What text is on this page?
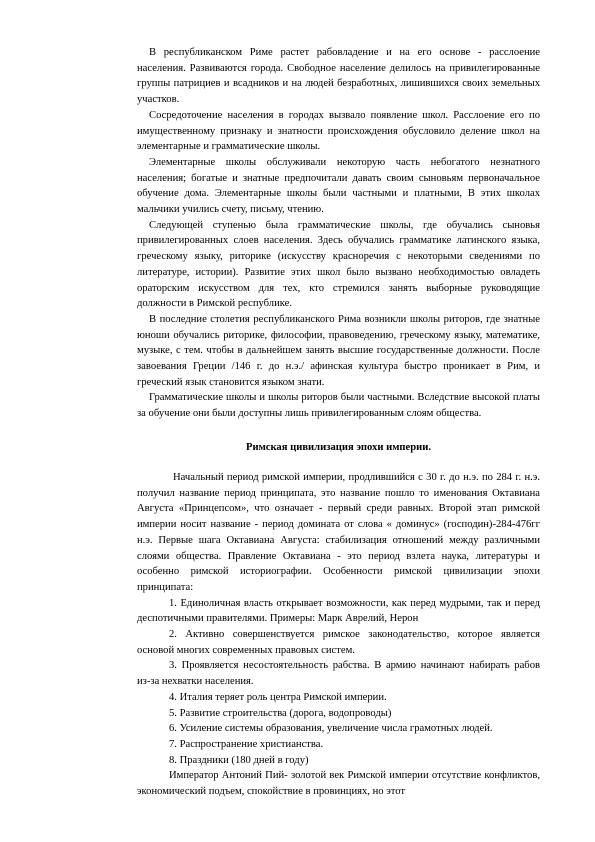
В республиканском Риме растет рабовладение и на его основе - расслоение населения. Развиваются города. Свободное население делилось на привилегированные группы патрициев и всадников и на людей безработных, лишившихся своих земельных участков.

Сосредоточение населения в городах вызвало появление школ. Расслоение его по имущественному признаку и знатности происхождения обусловило деление школ на элементарные и грамматические школы.

Элементарные школы обслуживали некоторую часть небогатого незнатного населения; богатые и знатные предпочитали давать своим сыновьям первоначальное обучение дома. Элементарные школы были частными и платными, В этих школах мальчики учились счету, письму, чтению.

Следующей ступенью была грамматические школы, где обучались сыновья привилегированных слоев населения. Здесь обучались грамматике латинского языка, греческому языку, риторике (искусству красноречия с некоторыми сведениями по литературе, истории). Развитие этих школ было вызвано необходимостью овладеть ораторским искусством для тех, кто стремился занять выборные руководящие должности в Римской республике.

В последние столетия республиканского Рима возникли школы риторов, где знатные юноши обучались риторике, философии, правоведению, греческому языку, математике, музыке, с тем. чтобы в дальнейшем занять высшие государственные должности. После завоевания Греции /146 г. до н.э./ афинская культура быстро проникает в Рим, и греческий язык становится языком знати.

Грамматические школы и школы риторов были частными. Вследствие высокой платы за обучение они были доступны лишь привилегированным слоям общества.

Римская цивилизация эпохи империи.

Начальный период римской империи, продлившийся с 30 г. до н.э. по 284 г. н.э. получил название период принципата, это название пошло то именования Октавиана Августа «Принцепсом», что означает - первый среди равных. Второй этап римской империи носит название - период домината от слова « доминус» (господин)-284-476гг н.э. Первые шага Октавиана Августа: стабилизация отношений между различными слоями общества. Правление Октавиана - это период взлета наука, литературы и особенно римской историографии. Особенности римской цивилизации эпохи принципата:

1. Единоличная власть открывает возможности, как перед мудрыми, так и перед деспотичными правителями. Примеры: Марк Аврелий, Нерон

2. Активно совершенствуется римское законодательство, которое является основой многих современных правовых систем.

3. Проявляется несостоятельность рабства. В армию начинают набирать рабов из-за нехватки населения.

4. Италия теряет роль центра Римской империи.

5. Развитие строительства (дорога, водопроводы)

6. Усиление системы образования, увеличение числа грамотных людей.

7. Распространение христианства.

8. Праздники (180 дней в году)

Император Антоний Пий- золотой век Римской империи отсутствие конфликтов, экономический подъем, спокойствие в провинциях, но этот
